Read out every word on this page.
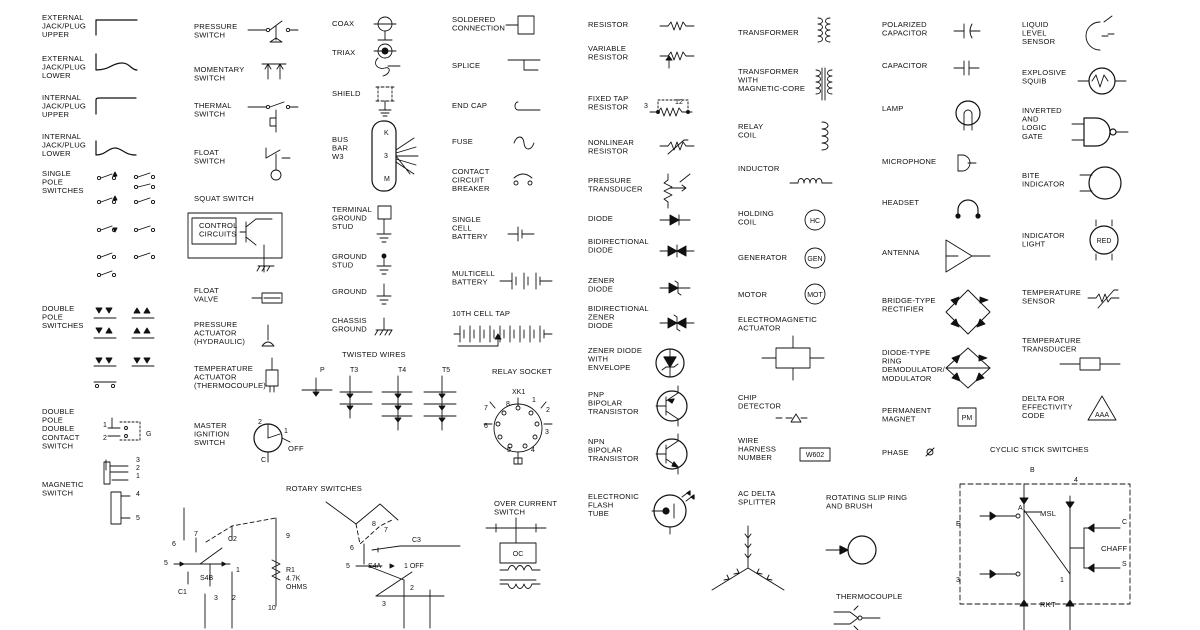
EXTERNAL JACK/PLUG UPPER
EXTERNAL JACK/PLUG LOWER
INTERNAL JACK/PLUG UPPER
INTERNAL JACK/PLUG LOWER
SINGLE POLE SWITCHES
DOUBLE POLE SWITCHES
DOUBLE POLE DOUBLE CONTACT SWITCH
MAGNETIC SWITCH
PRESSURE SWITCH
MOMENTARY SWITCH
THERMAL SWITCH
FLOAT SWITCH
SQUAT SWITCH
CONTROL CIRCUITS
FLOAT VALVE
PRESSURE ACTUATOR (HYDRAULIC)
TEMPERATURE ACTUATOR (THERMOCOUPLE)
MASTER IGNITION SWITCH
OFF
ROTARY SWITCHES
COAX
TRIAX
SHIELD
BUS BAR W3
TERMINAL GROUND STUD
GROUND STUD
GROUND
CHASSIS GROUND
TWISTED WIRES
SOLDERED CONNECTION
SPLICE
END CAP
FUSE
CONTACT CIRCUIT BREAKER
SINGLE CELL BATTERY
MULTICELL BATTERY
10TH CELL TAP
RELAY SOCKET
OVER CURRENT SWITCH
RESISTOR
VARIABLE RESISTOR
FIXED TAP RESISTOR
NONLINEAR RESISTOR
PRESSURE TRANSDUCER
DIODE
BIDIRECTIONAL DIODE
ZENER DIODE
BIDIRECTIONAL ZENER DIODE
ZENER DIODE WITH ENVELOPE
PNP BIPOLAR TRANSISTOR
NPN BIPOLAR TRANSISTOR
ELECTRONIC FLASH TUBE
TRANSFORMER
TRANSFORMER WITH MAGNETIC-CORE
RELAY COIL
INDUCTOR
HOLDING COIL
GENERATOR
MOTOR
ELECTROMAGNETIC ACTUATOR
CHIP DETECTOR
WIRE HARNESS NUMBER
AC DELTA SPLITTER
ROTATING SLIP RING AND BRUSH
THERMOCOUPLE
POLARIZED CAPACITOR
CAPACITOR
LAMP
MICROPHONE
HEADSET
ANTENNA
BRIDGE-TYPE RECTIFIER
DIODE-TYPE RING DEMODULATOR/ MODULATOR
PERMANENT MAGNET
PHASE
LIQUID LEVEL SENSOR
EXPLOSIVE SQUIB
INVERTED AND LOGIC GATE
BITE INDICATOR
INDICATOR LIGHT
TEMPERATURE SENSOR
TEMPERATURE TRANSDUCER
DELTA FOR EFFECTIVITY CODE
CYCLIC STICK SWITCHES
MSL
CHAFF
RKT
K
3
M
3
1 2
V1
P	T3	T4	T5
XK1
8
1
2
3
4
5
6
7
1
2
G
3
2
1
4
5
2
1
C
6
7
C2	9
5
S4B
1
C1
3 2
R1 4.7K OHMS
10
6
7
8
C3
5	S4A	1 OFF
3
2
B
4
A
E	C
S
1
3
HC
GEN
MOT
W602
PM	AAA
RED
OC
⌀
